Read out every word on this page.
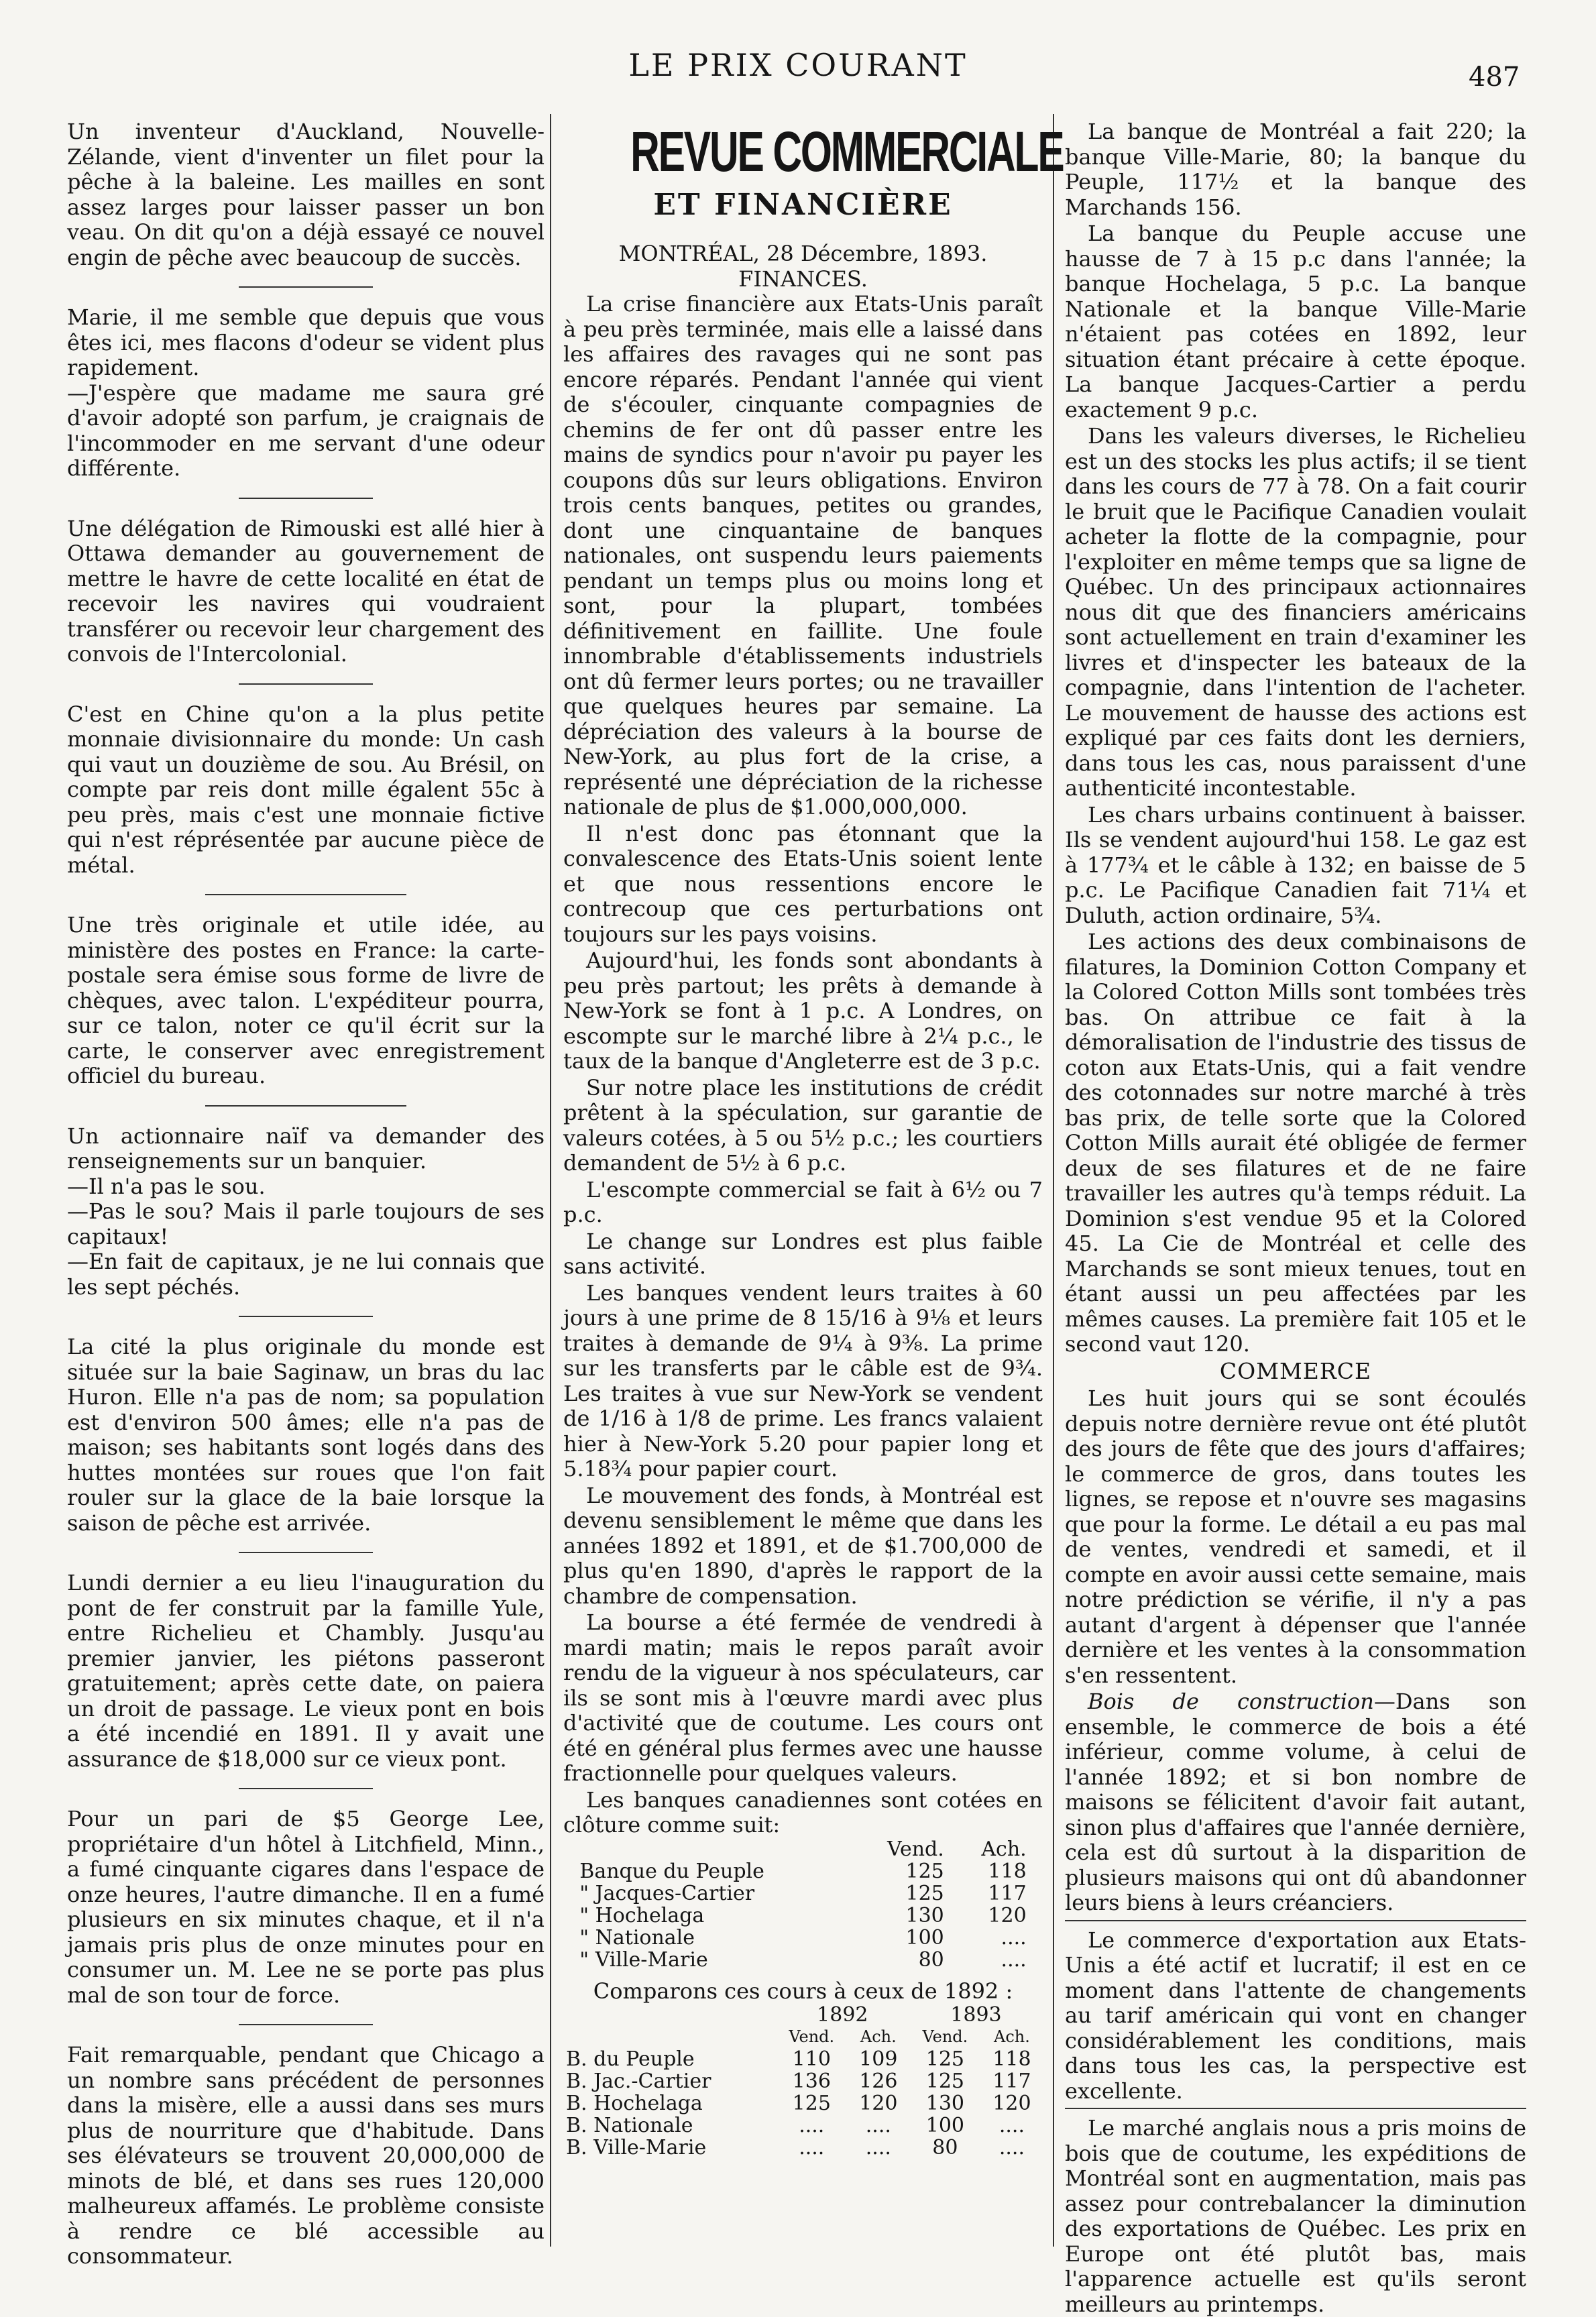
LE PRIX COURANT	487
Un inventeur d'Auckland, Nouvelle-Zélande, vient d'inventer un filet pour la pêche à la baleine. Les mailles en sont assez larges pour laisser passer un bon veau. On dit qu'on a déjà essayé ce nouvel engin de pêche avec beaucoup de succès.
Marie, il me semble que depuis que vous êtes ici, mes flacons d'odeur se vident plus rapidement.
—J'espère que madame me saura gré d'avoir adopté son parfum, je craignais de l'incommoder en me servant d'une odeur différente.
Une délégation de Rimouski est allé hier à Ottawa demander au gouvernement de mettre le havre de cette localité en état de recevoir les navires qui voudraient transférer ou recevoir leur chargement des convois de l'Intercolonial.
C'est en Chine qu'on a la plus petite monnaie divisionnaire du monde: Un cash qui vaut un douzième de sou. Au Brésil, on compte par reis dont mille égalent 55c à peu près, mais c'est une monnaie fictive qui n'est réprésentée par aucune pièce de métal.
Une très originale et utile idée, au ministère des postes en France: la carte-postale sera émise sous forme de livre de chèques, avec talon. L'expéditeur pourra, sur ce talon, noter ce qu'il écrit sur la carte, le conserver avec enregistrement officiel du bureau.
Un actionnaire naïf va demander des renseignements sur un banquier.
—Il n'a pas le sou.
—Pas le sou? Mais il parle toujours de ses capitaux!
—En fait de capitaux, je ne lui connais que les sept péchés.
La cité la plus originale du monde est située sur la baie Saginaw, un bras du lac Huron. Elle n'a pas de nom; sa population est d'environ 500 âmes; elle n'a pas de maison; ses habitants sont logés dans des huttes montées sur roues que l'on fait rouler sur la glace de la baie lorsque la saison de pêche est arrivée.
Lundi dernier a eu lieu l'inauguration du pont de fer construit par la famille Yule, entre Richelieu et Chambly. Jusqu'au premier janvier, les piétons passeront gratuitement; après cette date, on paiera un droit de passage. Le vieux pont en bois a été incendié en 1891. Il y avait une assurance de $18,000 sur ce vieux pont.
Pour un pari de $5 George Lee, propriétaire d'un hôtel à Litchfield, Minn., a fumé cinquante cigares dans l'espace de onze heures, l'autre dimanche. Il en a fumé plusieurs en six minutes chaque, et il n'a jamais pris plus de onze minutes pour en consumer un. M. Lee ne se porte pas plus mal de son tour de force.
Fait remarquable, pendant que Chicago a un nombre sans précédent de personnes dans la misère, elle a aussi dans ses murs plus de nourriture que d'habitude. Dans ses élévateurs se trouvent 20,000,000 de minots de blé, et dans ses rues 120,000 malheureux affamés. Le problème consiste à rendre ce blé accessible au consommateur.
REVUE COMMERCIALE
ET FINANCIÈRE
MONTRÉAL, 28 Décembre, 1893.
FINANCES.

La crise financière aux Etats-Unis paraît à peu près terminée, mais elle a laissé dans les affaires des ravages qui ne sont pas encore réparés. Pendant l'année qui vient de s'écouler, cinquante compagnies de chemins de fer ont dû passer entre les mains de syndics pour n'avoir pu payer les coupons dûs sur leurs obligations. Environ trois cents banques, petites ou grandes, dont une cinquantaine de banques nationales, ont suspendu leurs paiements pendant un temps plus ou moins long et sont, pour la plupart, tombées définitivement en faillite. Une foule innombrable d'établissements industriels ont dû fermer leurs portes; ou ne travailler que quelques heures par semaine. La dépréciation des valeurs à la bourse de New-York, au plus fort de la crise, a représenté une dépréciation de la richesse nationale de plus de $1.000,000,000.

Il n'est donc pas étonnant que la convalescence des Etats-Unis soient lente et que nous ressentions encore le contrecoup que ces perturbations ont toujours sur les pays voisins.

Aujourd'hui, les fonds sont abondants à peu près partout; les prêts à demande à New-York se font à 1 p.c. A Londres, on escompte sur le marché libre à 2¼ p.c., le taux de la banque d'Angleterre est de 3 p.c.

Sur notre place les institutions de crédit prêtent à la spéculation, sur garantie de valeurs cotées, à 5 ou 5½ p.c.; les courtiers demandent de 5½ à 6 p.c.

L'escompte commercial se fait à 6½ ou 7 p.c.

Le change sur Londres est plus faible sans activité.

Les banques vendent leurs traites à 60 jours à une prime de 8 15/16 à 9⅛ et leurs traites à demande de 9¼ à 9⅜. La prime sur les transferts par le câble est de 9¾. Les traites à vue sur New-York se vendent de 1/16 à 1/8 de prime. Les francs valaient hier à New-York 5.20 pour papier long et 5.18¾ pour papier court.

Le mouvement des fonds, à Montréal est devenu sensiblement le même que dans les années 1892 et 1891, et de $1.700,000 de plus qu'en 1890, d'après le rapport de la chambre de compensation.

La bourse a été fermée de vendredi à mardi matin; mais le repos paraît avoir rendu de la vigueur à nos spéculateurs, car ils se sont mis à l'œuvre mardi avec plus d'activité que de coutume. Les cours ont été en général plus fermes avec une hausse fractionnelle pour quelques valeurs.

Les banques canadiennes sont cotées en clôture comme suit:

	Vend.	Ach.
Banque du Peuple	125	118
" Jacques-Cartier	125	117
" Hochelaga	130	120
" Nationale	100	....
" Ville-Marie	80	....
Comparons ces cours à ceux de 1892 :
	1892		1893	
	Vend.	Ach.	Vend.	Ach.
B. du Peuple	110	109	125	118
B. Jac.-Cartier	136	126	125	117
B. Hochelaga	125	120	130	120
B. Nationale	....	....	100	....
B. Ville-Marie	....	....	80	....

La banque de Montréal a fait 220; la banque Ville-Marie, 80; la banque du Peuple, 117½ et la banque des Marchands 156.

La banque du Peuple accuse une hausse de 7 à 15 p.c dans l'année; la banque Hochelaga, 5 p.c. La banque Nationale et la banque Ville-Marie n'étaient pas cotées en 1892, leur situation étant précaire à cette époque. La banque Jacques-Cartier a perdu exactement 9 p.c.

Dans les valeurs diverses, le Richelieu est un des stocks les plus actifs; il se tient dans les cours de 77 à 78. On a fait courir le bruit que le Pacifique Canadien voulait acheter la flotte de la compagnie, pour l'exploiter en même temps que sa ligne de Québec. Un des principaux actionnaires nous dit que des financiers américains sont actuellement en train d'examiner les livres et d'inspecter les bateaux de la compagnie, dans l'intention de l'acheter. Le mouvement de hausse des actions est expliqué par ces faits dont les derniers, dans tous les cas, nous paraissent d'une authenticité incontestable.

Les chars urbains continuent à baisser. Ils se vendent aujourd'hui 158. Le gaz est à 177¾ et le câble à 132; en baisse de 5 p.c. Le Pacifique Canadien fait 71¼ et Duluth, action ordinaire, 5¾.

Les actions des deux combinaisons de filatures, la Dominion Cotton Company et la Colored Cotton Mills sont tombées très bas. On attribue ce fait à la démoralisation de l'industrie des tissus de coton aux Etats-Unis, qui a fait vendre des cotonnades sur notre marché à très bas prix, de telle sorte que la Colored Cotton Mills aurait été obligée de fermer deux de ses filatures et de ne faire travailler les autres qu'à temps réduit. La Dominion s'est vendue 95 et la Colored 45. La Cie de Montréal et celle des Marchands se sont mieux tenues, tout en étant aussi un peu affectées par les mêmes causes. La première fait 105 et le second vaut 120.

COMMERCE

Les huit jours qui se sont écoulés depuis notre dernière revue ont été plutôt des jours de fête que des jours d'affaires; le commerce de gros, dans toutes les lignes, se repose et n'ouvre ses magasins que pour la forme. Le détail a eu pas mal de ventes, vendredi et samedi, et il compte en avoir aussi cette semaine, mais notre prédiction se vérifie, il n'y a pas autant d'argent à dépenser que l'année dernière et les ventes à la consommation s'en ressentent.

Bois de construction—Dans son ensemble, le commerce de bois a été inférieur, comme volume, à celui de l'année 1892; et si bon nombre de maisons se félicitent d'avoir fait autant, sinon plus d'affaires que l'année dernière, cela est dû surtout à la disparition de plusieurs maisons qui ont dû abandonner leurs biens à leurs créanciers.

Le commerce d'exportation aux Etats-Unis a été actif et lucratif; il est en ce moment dans l'attente de changements au tarif américain qui vont en changer considérablement les conditions, mais dans tous les cas, la perspective est excellente.

Le marché anglais nous a pris moins de bois que de coutume, les expéditions de Montréal sont en augmentation, mais pas assez pour contrebalancer la diminution des exportations de Québec. Les prix en Europe ont été plutôt bas, mais l'apparence actuelle est qu'ils seront meilleurs au printemps.
